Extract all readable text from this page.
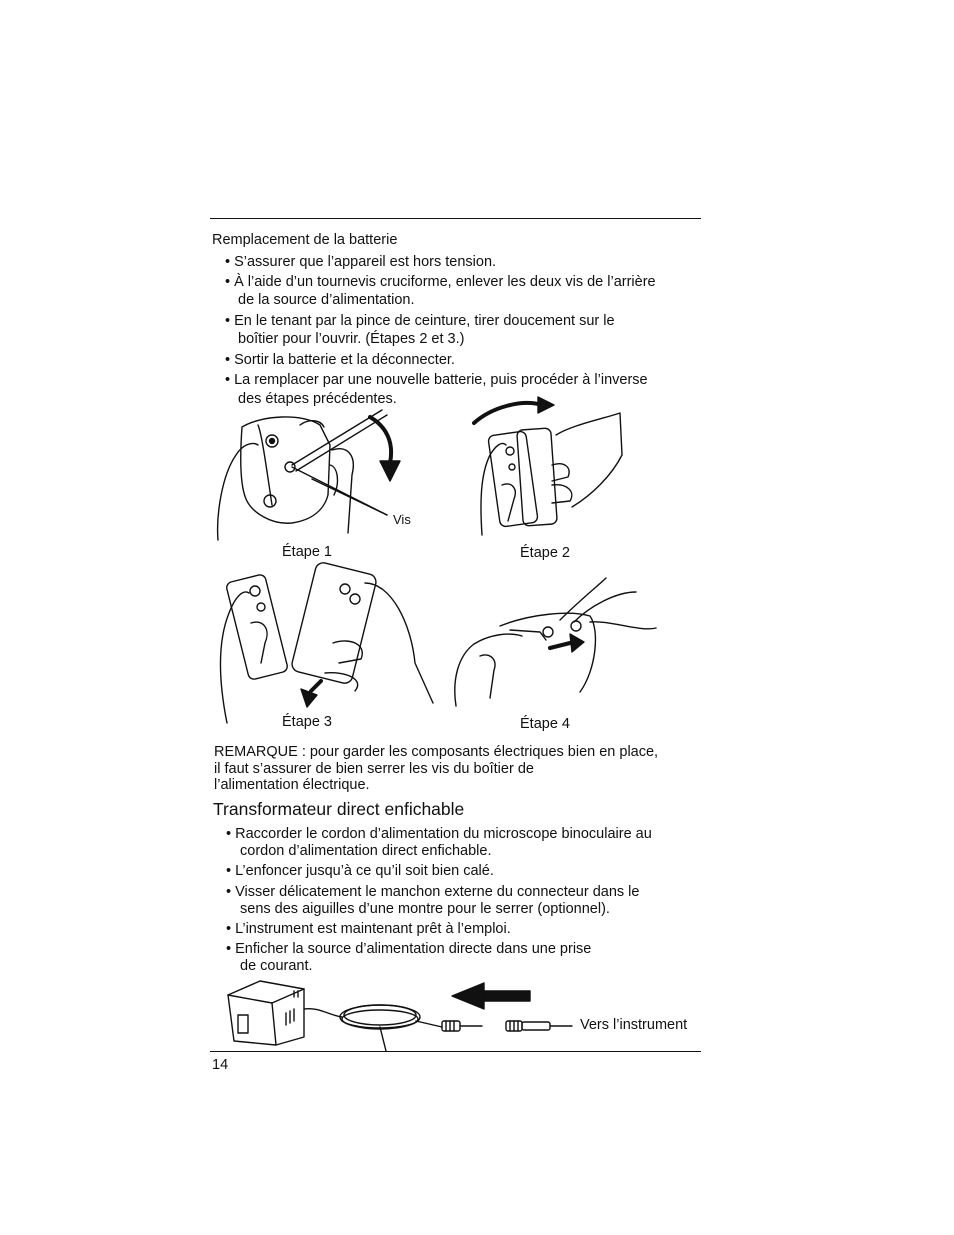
Remplacement de la batterie
• S’assurer que l’appareil est hors tension.
• À l’aide d’un tournevis cruciforme, enlever les deux vis de l’arrière
de la source d’alimentation.
• En le tenant par la pince de ceinture, tirer doucement sur le
boîtier pour l’ouvrir. (Étapes 2 et 3.)
• Sortir la batterie et la déconnecter.
• La remplacer par une nouvelle batterie, puis procéder à l’inverse
des étapes précédentes.
Vis
Étape 1	Étape 2
Étape 3	Étape 4
REMARQUE : pour garder les composants électriques bien en place,
il faut s’assurer de bien serrer les vis du boîtier de
l’alimentation électrique.
Transformateur direct enfichable
• Raccorder le cordon d’alimentation du microscope binoculaire au
cordon d’alimentation direct enfichable.
• L’enfoncer jusqu’à ce qu’il soit bien calé.
• Visser délicatement le manchon externe du connecteur dans le
sens des aiguilles d’une montre pour le serrer (optionnel).
• L’instrument est maintenant prêt à l’emploi.
• Enficher la source d’alimentation directe dans une prise
de courant.
Vers l’instrument
14
